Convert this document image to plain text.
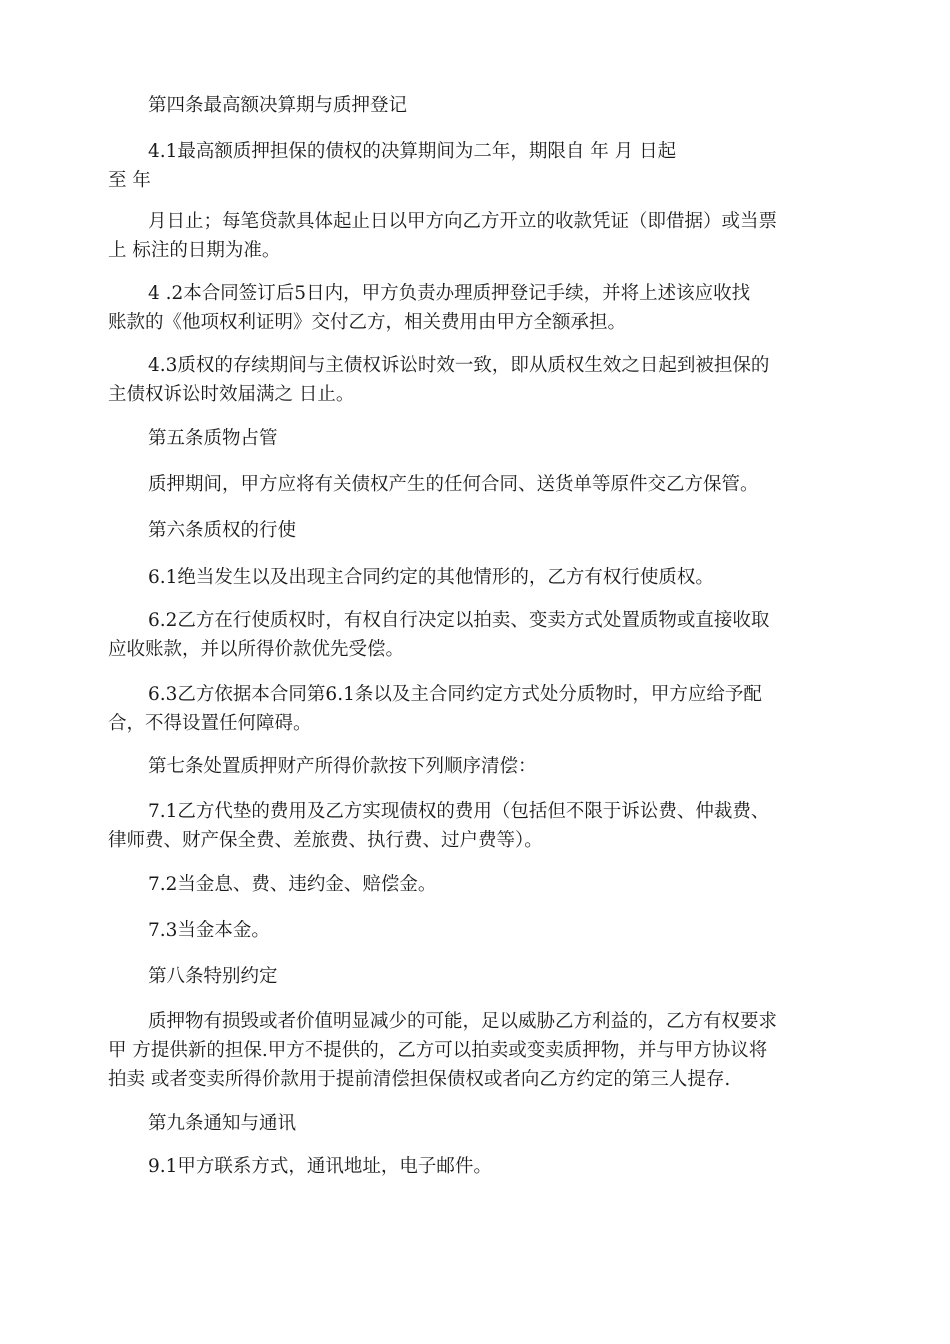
第四条最高额决算期与质押登记

4.1最高额质押担保的债权的决算期间为二年，期限自 年 月 日起
至 年

月日止；每笔贷款具体起止日以甲方向乙方开立的收款凭证（即借据）或当票
上 标注的日期为准。

4 .2本合同签订后5日内，甲方负责办理质押登记手续，并将上述该应收找
账款的《他项权利证明》交付乙方，相关费用由甲方全额承担。

4.3质权的存续期间与主债权诉讼时效一致，即从质权生效之日起到被担保的
主债权诉讼时效届满之 日止。

第五条质物占管

质押期间，甲方应将有关债权产生的任何合同、送货单等原件交乙方保管。

第六条质权的行使

6.1绝当发生以及出现主合同约定的其他情形的，乙方有权行使质权。

6.2乙方在行使质权时，有权自行决定以拍卖、变卖方式处置质物或直接收取
应收账款，并以所得价款优先受偿。

6.3乙方依据本合同第6.1条以及主合同约定方式处分质物时，甲方应给予配
合，不得设置任何障碍。

第七条处置质押财产所得价款按下列顺序清偿：

7.1乙方代垫的费用及乙方实现债权的费用（包括但不限于诉讼费、仲裁费、
律师费、财产保全费、差旅费、执行费、过户费等）。

7.2当金息、费、违约金、赔偿金。

7.3当金本金。

第八条特别约定

质押物有损毁或者价值明显减少的可能，足以威胁乙方利益的，乙方有权要求
甲 方提供新的担保.甲方不提供的，乙方可以拍卖或变卖质押物，并与甲方协议将
拍卖 或者变卖所得价款用于提前清偿担保债权或者向乙方约定的第三人提存.

第九条通知与通讯

9.1甲方联系方式，通讯地址，电子邮件。
